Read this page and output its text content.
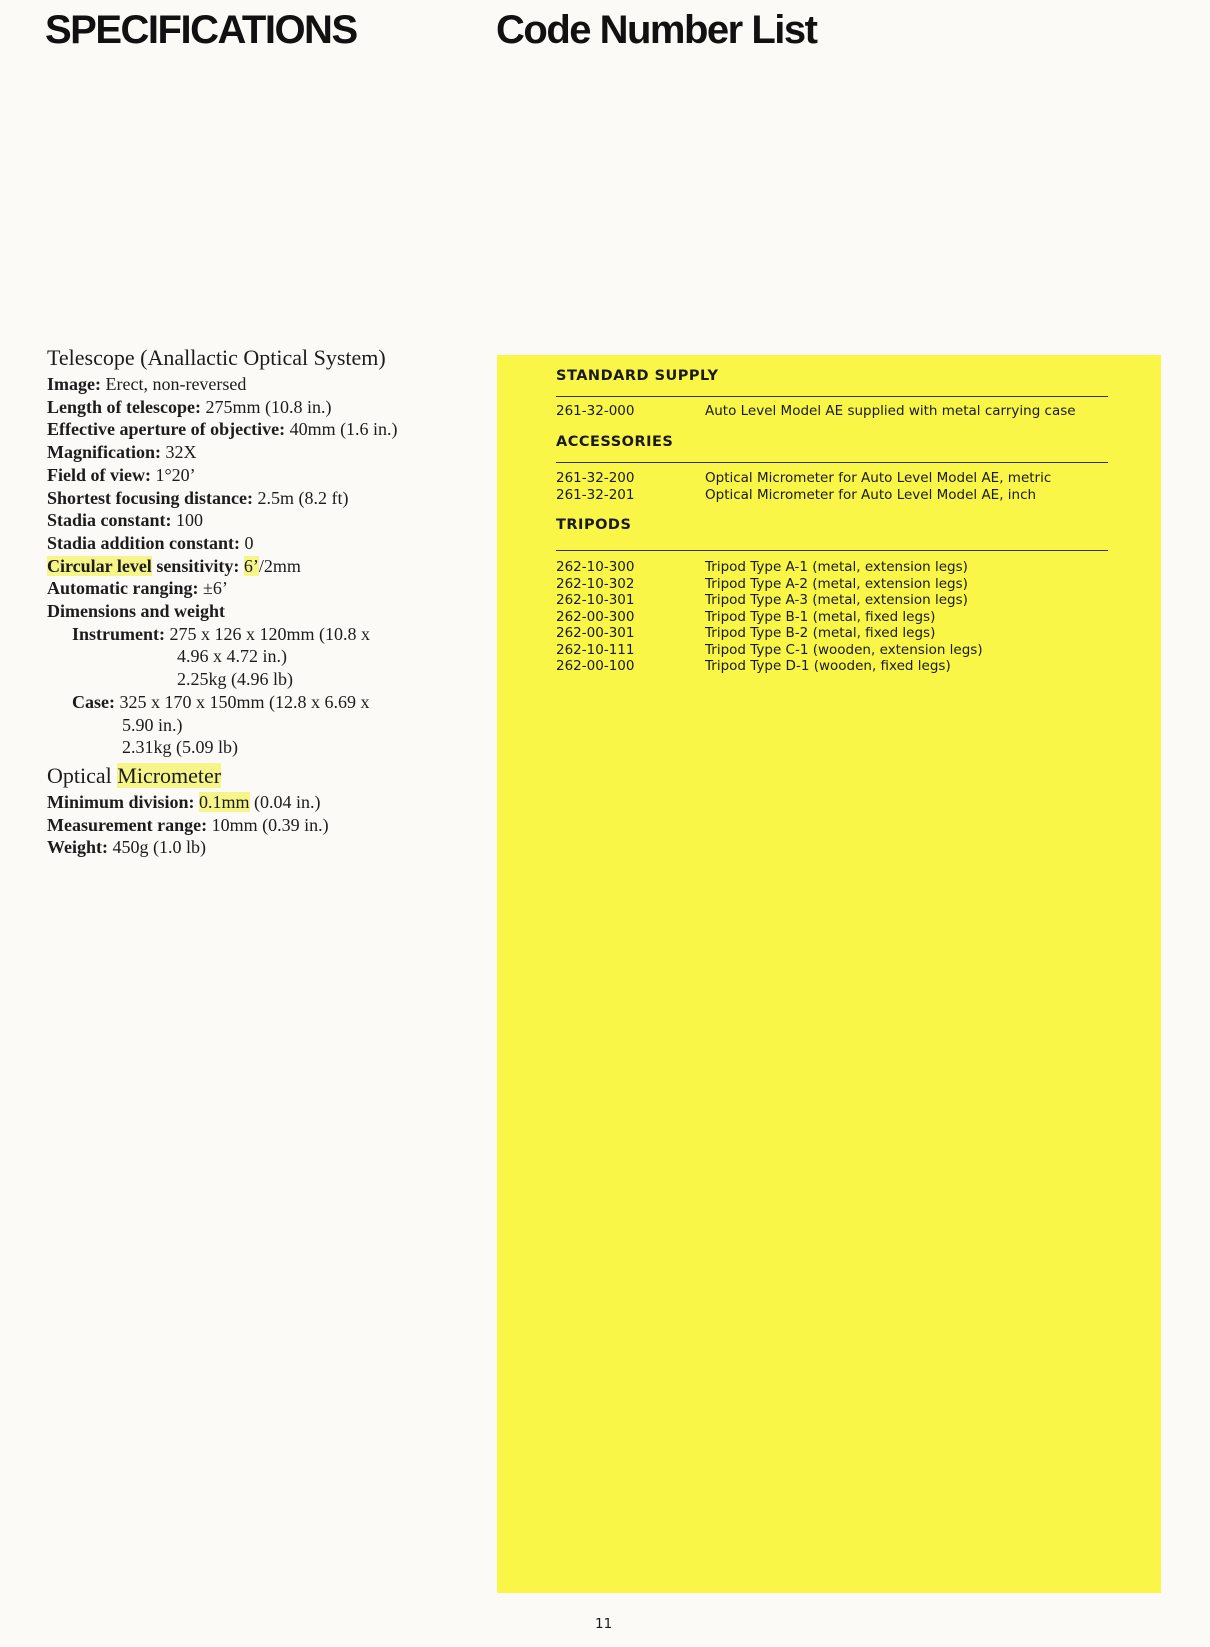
SPECIFICATIONS	Code Number List
Telescope (Anallactic Optical System)
Image: Erect, non-reversed
Length of telescope: 275mm (10.8 in.)
Effective aperture of objective: 40mm (1.6 in.)
Magnification: 32X
Field of view: 1°20’
Shortest focusing distance: 2.5m (8.2 ft)
Stadia constant: 100
Stadia addition constant: 0
Circular level sensitivity: 6’/2mm
Automatic ranging: ±6’
Dimensions and weight
Instrument: 275 x 126 x 120mm (10.8 x
4.96 x 4.72 in.)
2.25kg (4.96 lb)
Case: 325 x 170 x 150mm (12.8 x 6.69 x
5.90 in.)
2.31kg (5.09 lb)
Optical Micrometer
Minimum division: 0.1mm (0.04 in.)
Measurement range: 10mm (0.39 in.)
Weight: 450g (1.0 lb)
STANDARD SUPPLY
261-32-000	Auto Level Model AE supplied with metal carrying case
ACCESSORIES
261-32-200	Optical Micrometer for Auto Level Model AE, metric
261-32-201	Optical Micrometer for Auto Level Model AE, inch
TRIPODS
262-10-300	Tripod Type A-1 (metal, extension legs)
262-10-302	Tripod Type A-2 (metal, extension legs)
262-10-301	Tripod Type A-3 (metal, extension legs)
262-00-300	Tripod Type B-1 (metal, fixed legs)
262-00-301	Tripod Type B-2 (metal, fixed legs)
262-10-111	Tripod Type C-1 (wooden, extension legs)
262-00-100	Tripod Type D-1 (wooden, fixed legs)
11
